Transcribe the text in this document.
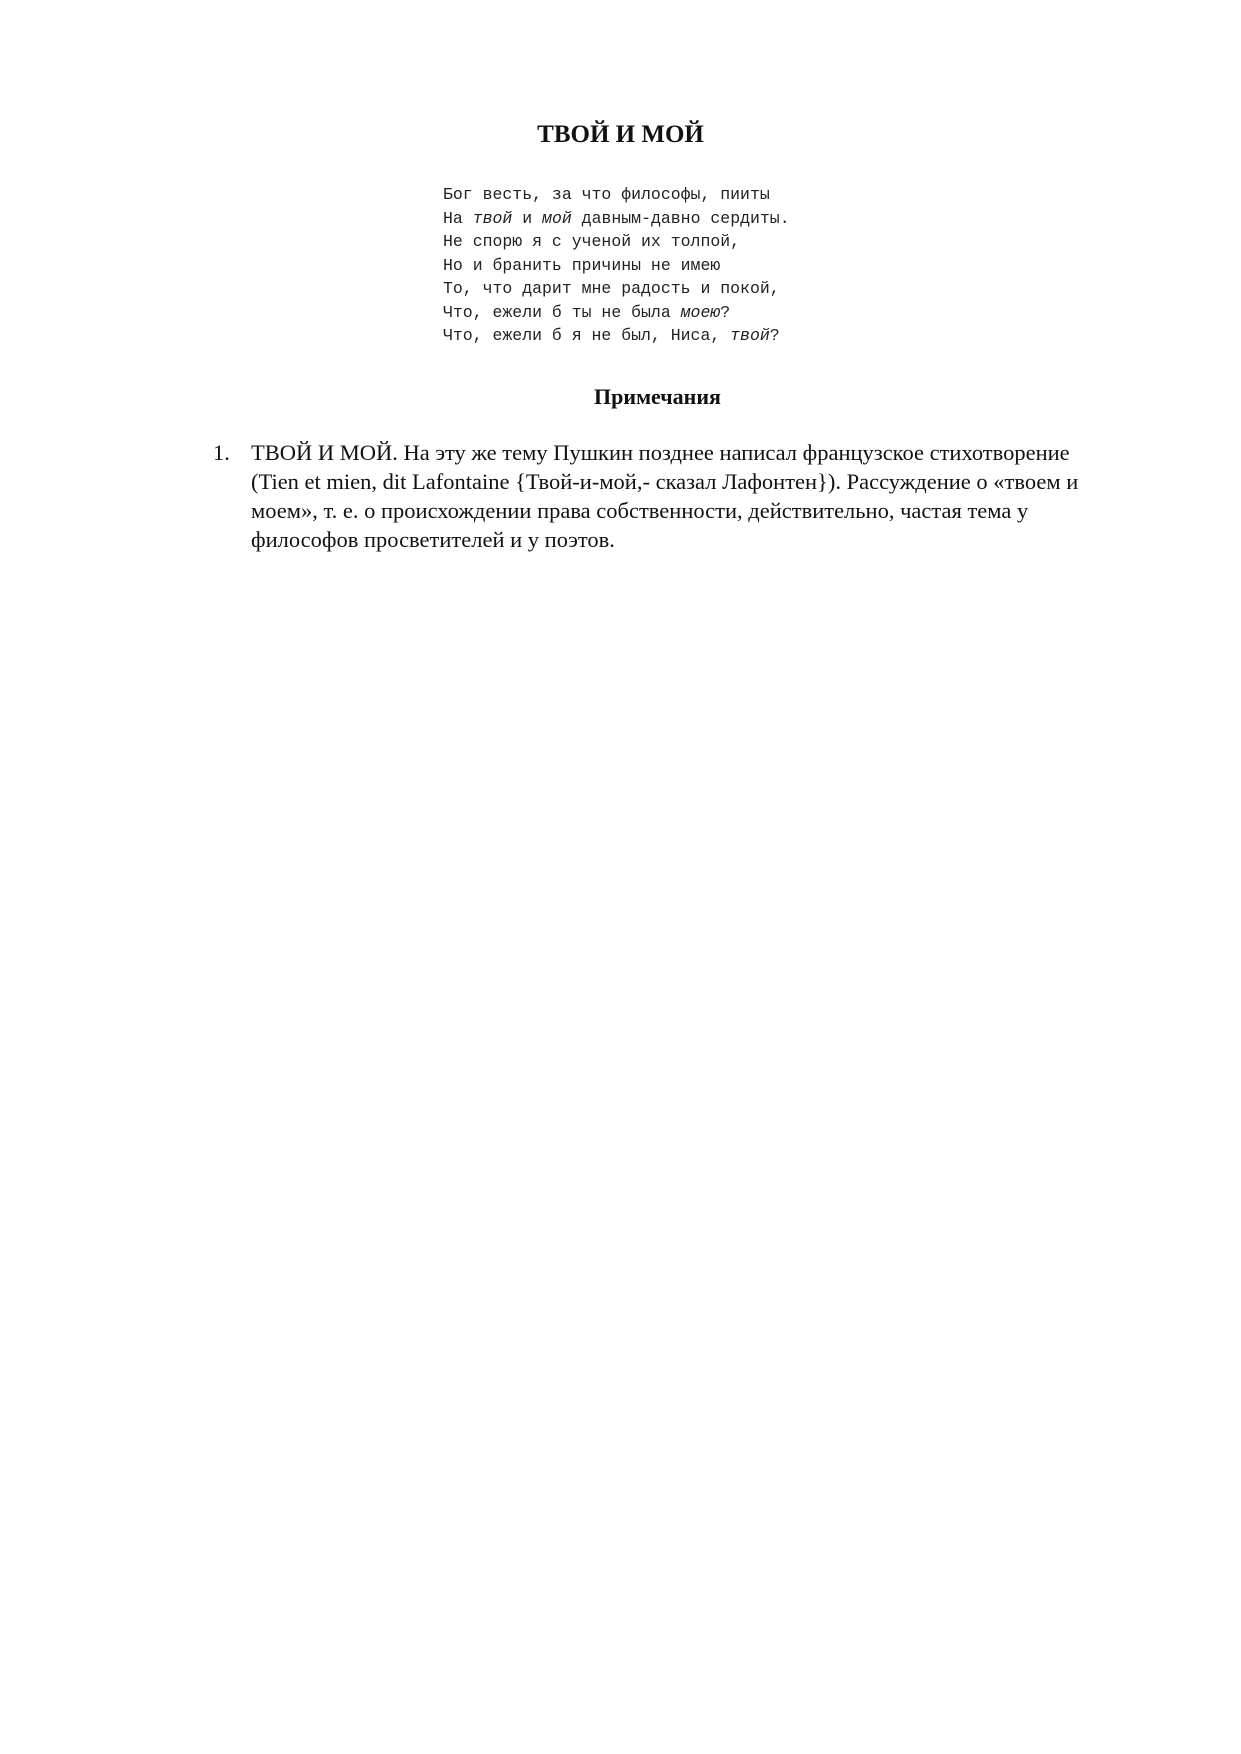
ТВОЙ И МОЙ
Бог весть, за что философы, пииты
На твой и мой давным-давно сердиты.
Не спорю я с ученой их толпой,
Но и бранить причины не имею
То, что дарит мне радость и покой,
Что, ежели б ты не была моею?
Что, ежели б я не был, Ниса, твой?
Примечания
1. ТВОЙ И МОЙ. На эту же тему Пушкин позднее написал французское стихотворение (Tien et mien, dit Lafontaine {Твой-и-мой,- сказал Лафонтен}). Рассуждение о «твоем и моем», т. е. о происхождении права собственности, действительно, частая тема у философов просветителей и у поэтов.
